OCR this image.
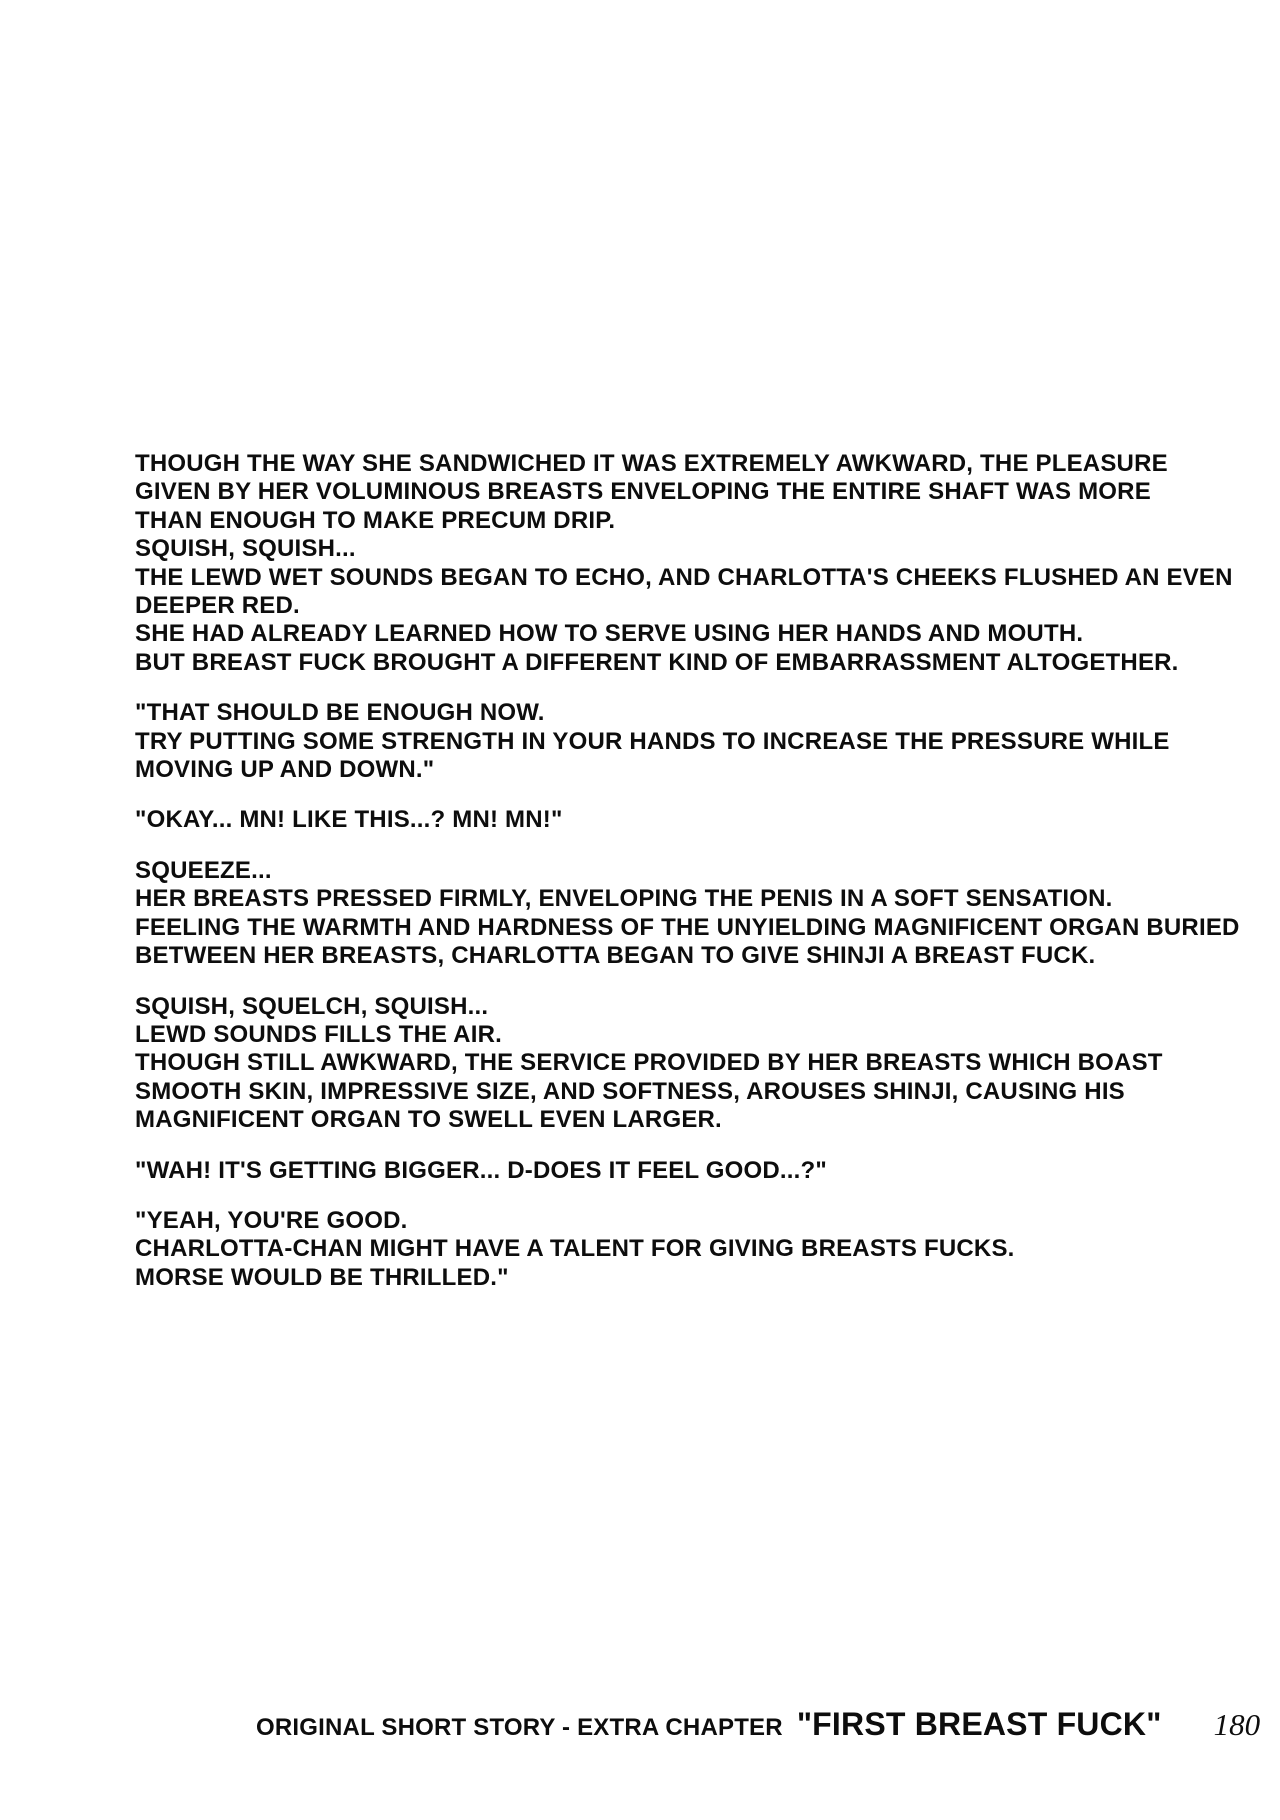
THOUGH THE WAY SHE SANDWICHED IT WAS EXTREMELY AWKWARD, THE PLEASURE
GIVEN BY HER VOLUMINOUS BREASTS ENVELOPING THE ENTIRE SHAFT WAS MORE
THAN ENOUGH TO MAKE PRECUM DRIP.
SQUISH, SQUISH...
THE LEWD WET SOUNDS BEGAN TO ECHO, AND CHARLOTTA'S CHEEKS FLUSHED AN EVEN
DEEPER RED.
SHE HAD ALREADY LEARNED HOW TO SERVE USING HER HANDS AND MOUTH.
BUT BREAST FUCK BROUGHT A DIFFERENT KIND OF EMBARRASSMENT ALTOGETHER.

"THAT SHOULD BE ENOUGH NOW.
TRY PUTTING SOME STRENGTH IN YOUR HANDS TO INCREASE THE PRESSURE WHILE
MOVING UP AND DOWN."

"OKAY... MN! LIKE THIS...? MN! MN!"

SQUEEZE...
HER BREASTS PRESSED FIRMLY, ENVELOPING THE PENIS IN A SOFT SENSATION.
FEELING THE WARMTH AND HARDNESS OF THE UNYIELDING MAGNIFICENT ORGAN BURIED
BETWEEN HER BREASTS, CHARLOTTA BEGAN TO GIVE SHINJI A BREAST FUCK.

SQUISH, SQUELCH, SQUISH...
LEWD SOUNDS FILLS THE AIR.
THOUGH STILL AWKWARD, THE SERVICE PROVIDED BY HER BREASTS WHICH BOAST
SMOOTH SKIN, IMPRESSIVE SIZE, AND SOFTNESS, AROUSES SHINJI, CAUSING HIS
MAGNIFICENT ORGAN TO SWELL EVEN LARGER.

"WAH! IT'S GETTING BIGGER... D-DOES IT FEEL GOOD...?"

"YEAH, YOU'RE GOOD.
CHARLOTTA-CHAN MIGHT HAVE A TALENT FOR GIVING BREASTS FUCKS.
MORSE WOULD BE THRILLED."

ORIGINAL SHORT STORY - EXTRA CHAPTER "FIRST BREAST FUCK" 180
